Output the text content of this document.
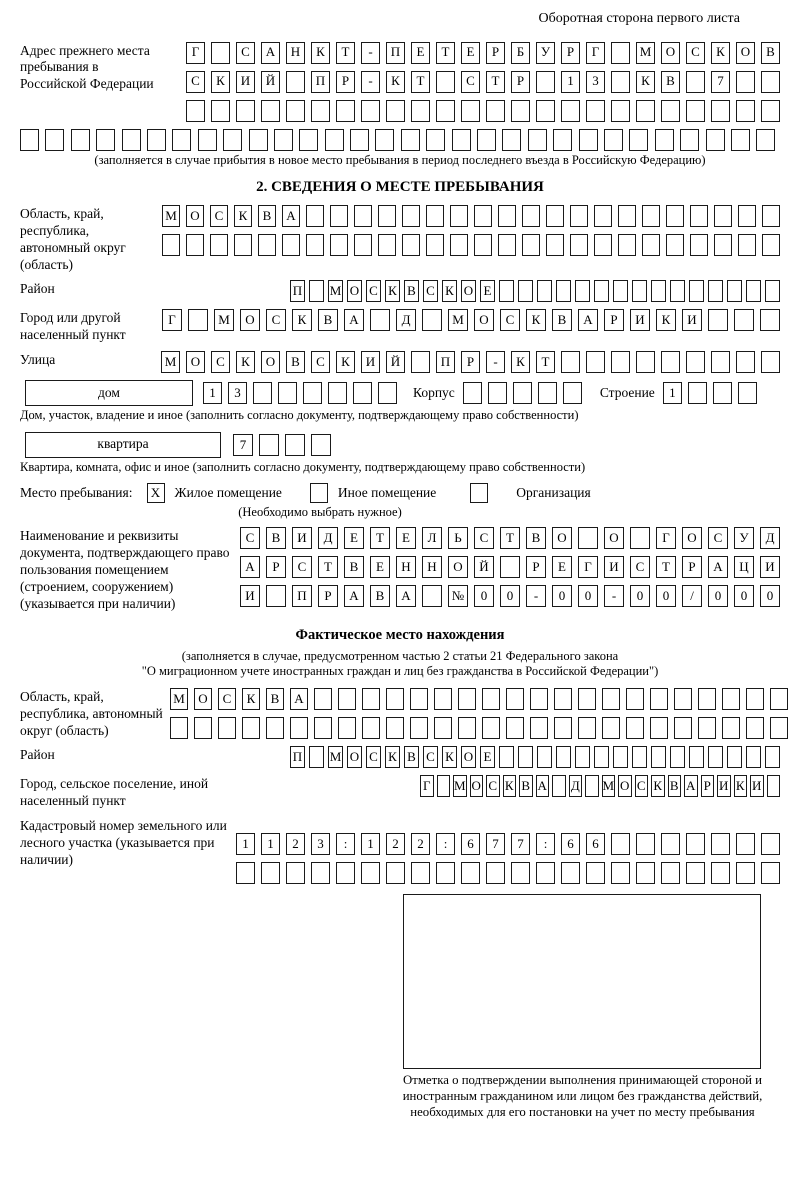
Оборотная сторона первого листа
Адрес прежнего места пребывания в Российской Федерации
Г	С	А	Н	К	Т	-	П	Е	Т	Е	Р	Б	У	Р	Г	М	О	С	К	О	В
С	К	И	Й	П	Р	-	К	Т	С	Т	Р	1	3	К	В	7
(заполняется в случае прибытия в новое место пребывания в период последнего въезда в Российскую Федерацию)
2. СВЕДЕНИЯ О МЕСТЕ ПРЕБЫВАНИЯ
Область, край, республика, автономный округ (область)
М	О	С	К	В	А
Район	П М О С К В С К О Е
Город или другой населенный пункт
Г	М	О	С	К	В	А	Д	М	О	С	К	В	А	Р	И	К	И
Улица	М	О	С	К	О	В	С	К	И	Й	П	Р	-	К	Т
дом	1	3	Корпус	Строение	1
Дом, участок, владение и иное (заполнить согласно документу, подтверждающему право собственности)
квартира	7
Квартира, комната, офис и иное (заполнить согласно документу, подтверждающему право собственности)
Место пребывания:	X	Жилое помещение	Иное помещение	Организация
(Необходимо выбрать нужное)
Наименование и реквизиты документа, подтверждающего право пользования помещением (строением, сооружением) (указывается при наличии)
С	В	И	Д	Е	Т	Е	Л	Ь	С	Т	В	О	О	Г	О	С	У	Д
А	Р	С	Т	В	Е	Н	Н	О	Й	Р	Е	Г	И	С	Т	Р	А	Ц	И
И	П	Р	А	В	А	№	0	0	-	0	0	-	0	0	/	0	0	0
Фактическое место нахождения
(заполняется в случае, предусмотренном частью 2 статьи 21 Федерального закона
"О миграционном учете иностранных граждан и лиц без гражданства в Российской Федерации")
Область, край, республика, автономный округ (область)
М	О	С	К	В	А
Район	П М О С К В С К О Е
Город, сельское поселение, иной населенный пункт
Г М О С К В А Д М О С К В А Р И К И
Кадастровый номер земельного или лесного участка (указывается при наличии)
1	1	2	3	:	1	2	2	:	6	7	7	:	6	6
Отметка о подтверждении выполнения принимающей стороной и иностранным гражданином или лицом без гражданства действий, необходимых для его постановки на учет по месту пребывания
